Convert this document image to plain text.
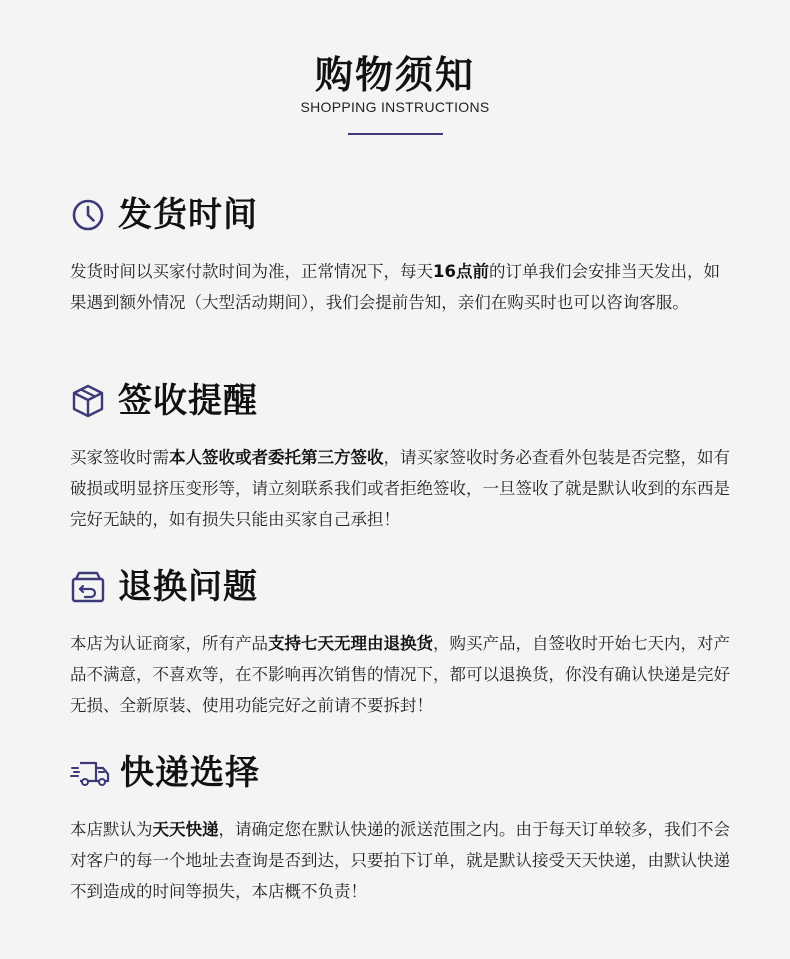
购物须知
SHOPPING INSTRUCTIONS
发货时间
发货时间以买家付款时间为准，正常情况下，每天16点前的订单我们会安排当天发出，如果遇到额外情况（大型活动期间），我们会提前告知，亲们在购买时也可以咨询客服。
签收提醒
买家签收时需本人签收或者委托第三方签收，请买家签收时务必查看外包装是否完整，如有破损或明显挤压变形等，请立刻联系我们或者拒绝签收，一旦签收了就是默认收到的东西是完好无缺的，如有损失只能由买家自己承担！
退换问题
本店为认证商家，所有产品支持七天无理由退换货，购买产品，自签收时开始七天内，对产品不满意，不喜欢等，在不影响再次销售的情况下，都可以退换货，你没有确认快递是完好无损、全新原装、使用功能完好之前请不要拆封！
快递选择
本店默认为天天快递，请确定您在默认快递的派送范围之内。由于每天订单较多，我们不会对客户的每一个地址去查询是否到达，只要拍下订单，就是默认接受天天快递，由默认快递不到造成的时间等损失，本店概不负责！
